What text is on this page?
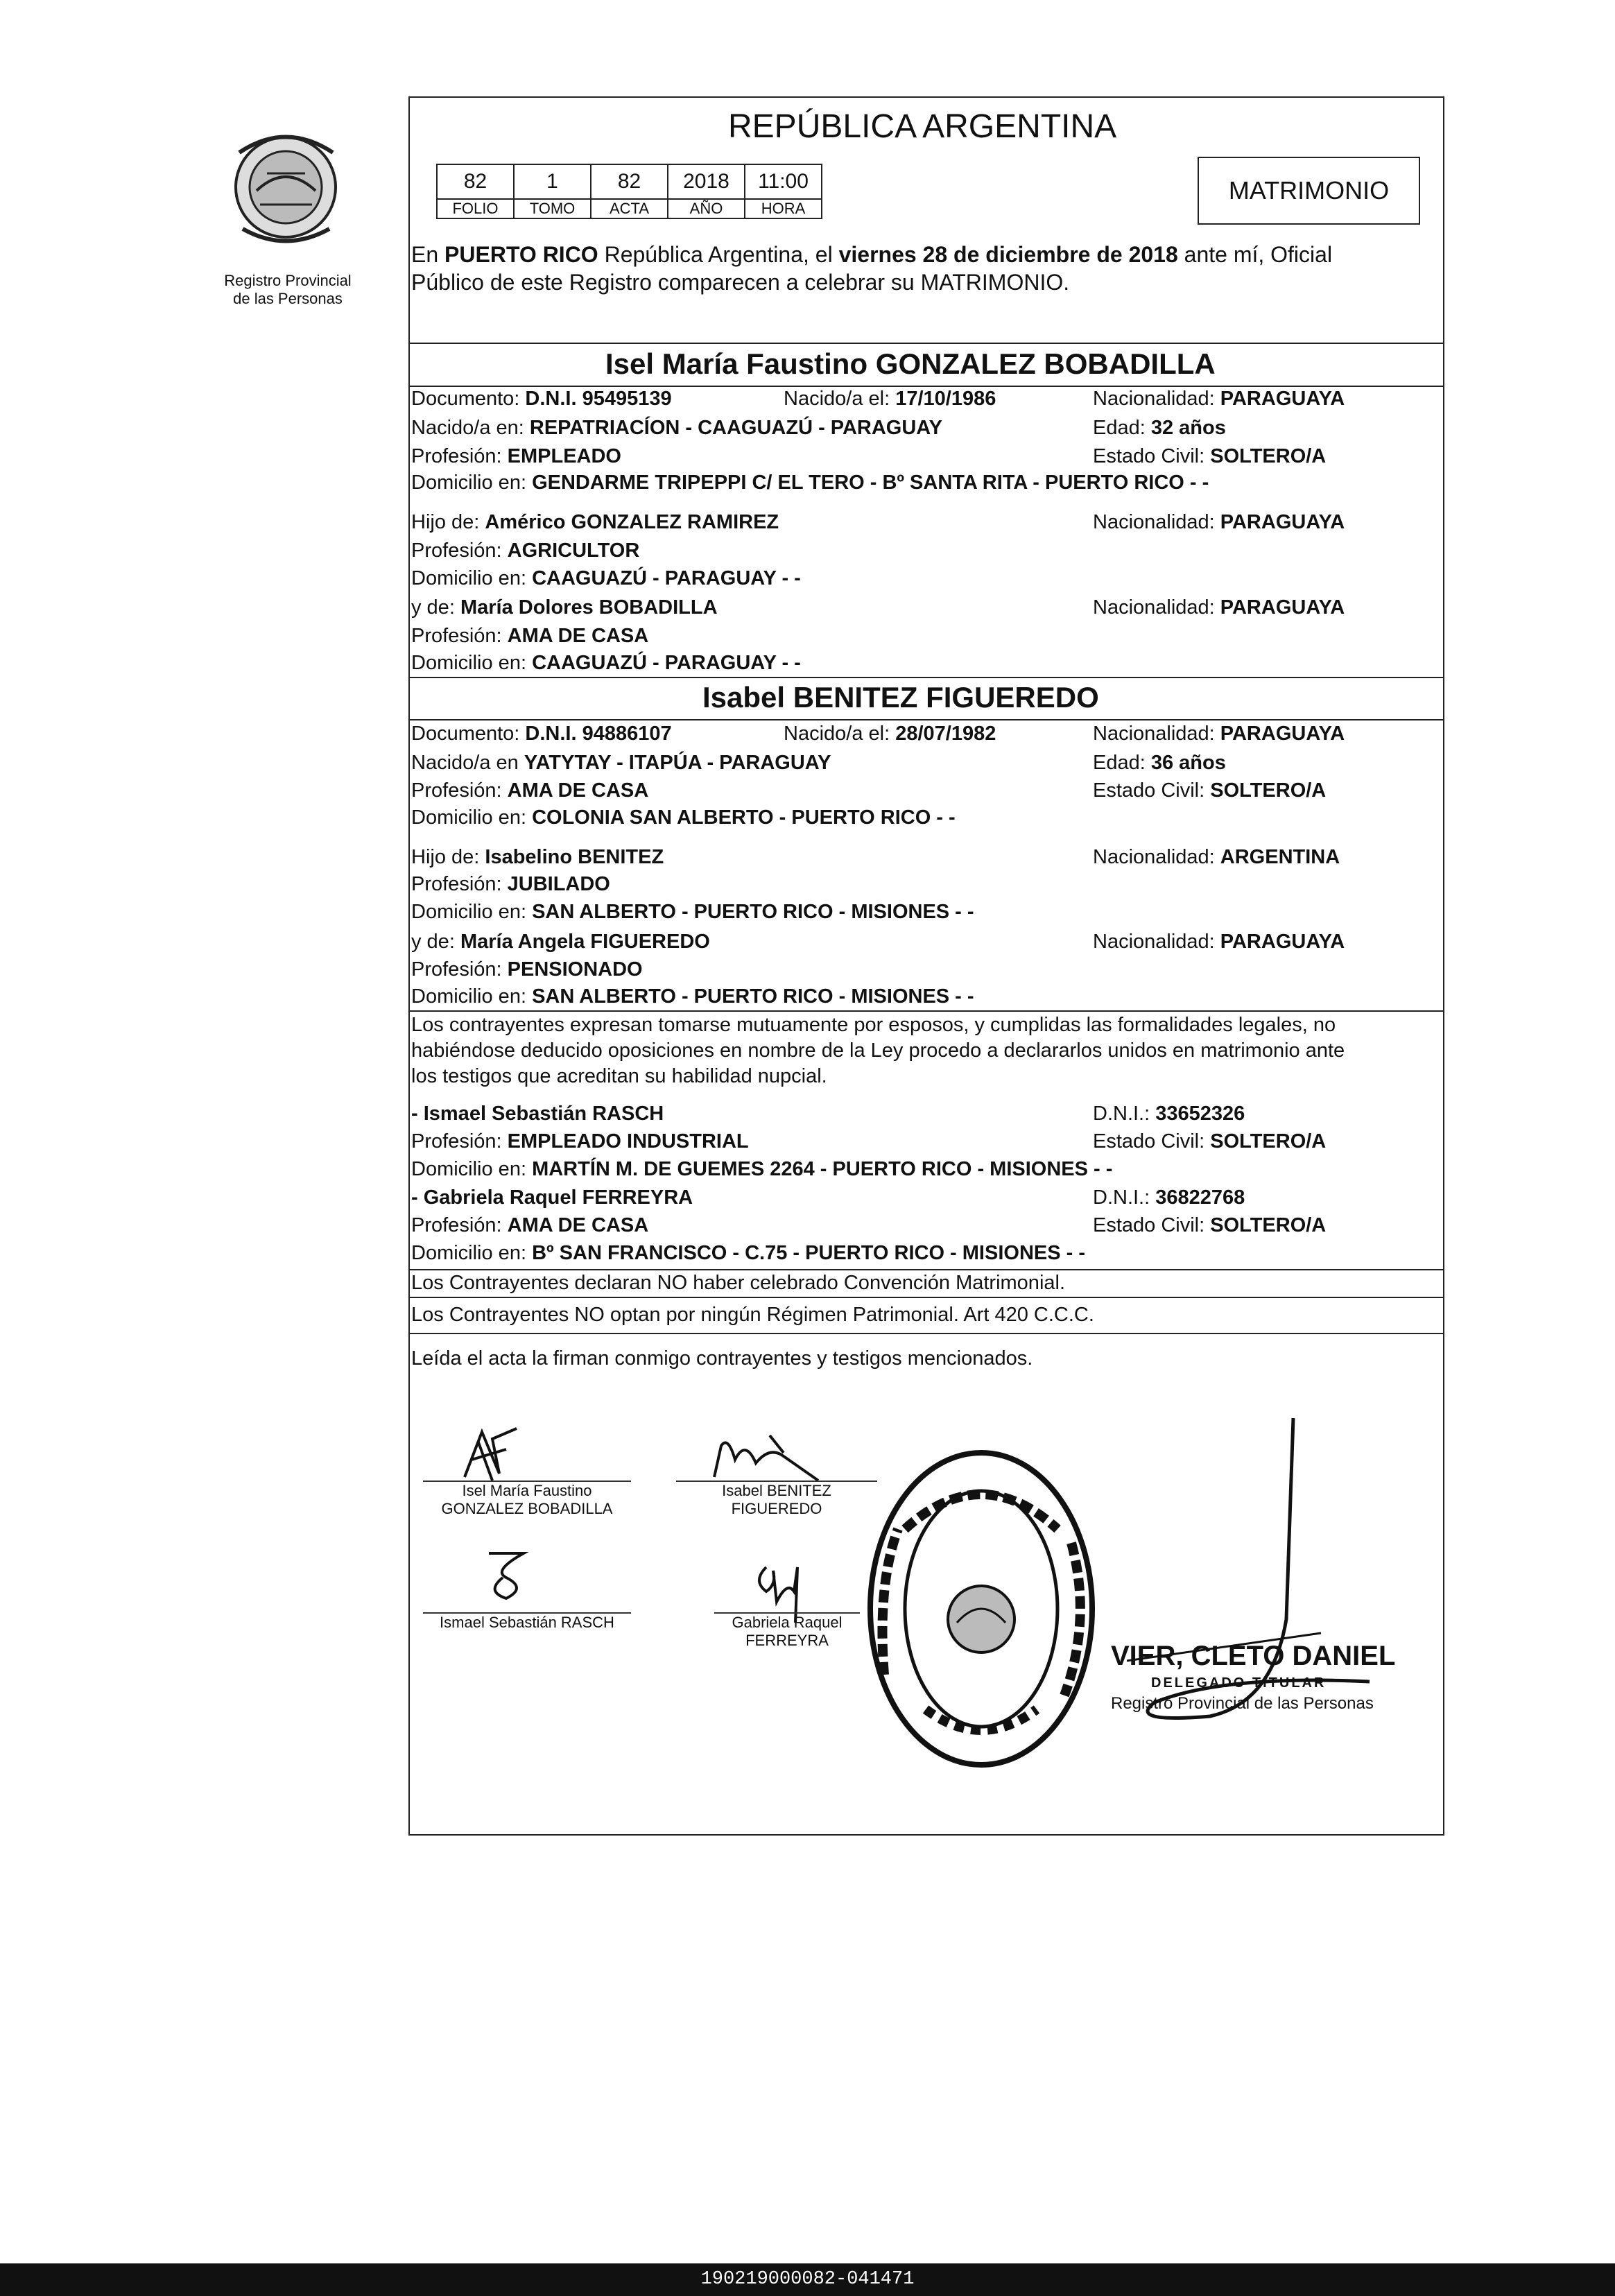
Registro Provincial
de las Personas
REPÚBLICA ARGENTINA
82	1	82	2018	11:00
FOLIO	TOMO	ACTA	AÑO	HORA
MATRIMONIO
En PUERTO RICO República Argentina, el viernes 28 de diciembre de 2018 ante mí, Oficial
Público de este Registro comparecen a celebrar su MATRIMONIO.
Isel María Faustino GONZALEZ BOBADILLA
Documento: D.N.I. 95495139	Nacido/a el: 17/10/1986	Nacionalidad: PARAGUAYA
Nacido/a en: REPATRIACÍON - CAAGUAZÚ - PARAGUAY	Edad: 32 años
Profesión: EMPLEADO	Estado Civil: SOLTERO/A
Domicilio en: GENDARME TRIPEPPI C/ EL TERO - Bº SANTA RITA - PUERTO RICO - -
Hijo de: Américo GONZALEZ RAMIREZ	Nacionalidad: PARAGUAYA
Profesión: AGRICULTOR
Domicilio en: CAAGUAZÚ - PARAGUAY - -
y de: María Dolores BOBADILLA	Nacionalidad: PARAGUAYA
Profesión: AMA DE CASA
Domicilio en: CAAGUAZÚ - PARAGUAY - -
Isabel BENITEZ FIGUEREDO
Documento: D.N.I. 94886107	Nacido/a el: 28/07/1982	Nacionalidad: PARAGUAYA
Nacido/a en YATYTAY - ITAPÚA - PARAGUAY	Edad: 36 años
Profesión: AMA DE CASA	Estado Civil: SOLTERO/A
Domicilio en: COLONIA SAN ALBERTO - PUERTO RICO - -
Hijo de: Isabelino BENITEZ	Nacionalidad: ARGENTINA
Profesión: JUBILADO
Domicilio en: SAN ALBERTO - PUERTO RICO - MISIONES - -
y de: María Angela FIGUEREDO	Nacionalidad: PARAGUAYA
Profesión: PENSIONADO
Domicilio en: SAN ALBERTO - PUERTO RICO - MISIONES - -
Los contrayentes expresan tomarse mutuamente por esposos, y cumplidas las formalidades legales, no
habiéndose deducido oposiciones en nombre de la Ley procedo a declararlos unidos en matrimonio ante
los testigos que acreditan su habilidad nupcial.
- Ismael Sebastián RASCH	D.N.I.: 33652326
Profesión: EMPLEADO INDUSTRIAL	Estado Civil: SOLTERO/A
Domicilio en: MARTÍN M. DE GUEMES 2264 - PUERTO RICO - MISIONES - -
- Gabriela Raquel FERREYRA	D.N.I.: 36822768
Profesión: AMA DE CASA	Estado Civil: SOLTERO/A
Domicilio en: Bº SAN FRANCISCO - C.75 - PUERTO RICO - MISIONES - -
Los Contrayentes declaran NO haber celebrado Convención Matrimonial.
Los Contrayentes NO optan por ningún Régimen Patrimonial. Art 420 C.C.C.
Leída el acta la firman conmigo contrayentes y testigos mencionados.
Isel María Faustino
GONZALEZ BOBADILLA
Isabel BENITEZ
FIGUEREDO
Ismael Sebastián RASCH	Gabriela Raquel
FERREYRA
VIER, CLETO DANIEL
DELEGADO TITULAR
Registro Provincial de las Personas
190219000082-041471
